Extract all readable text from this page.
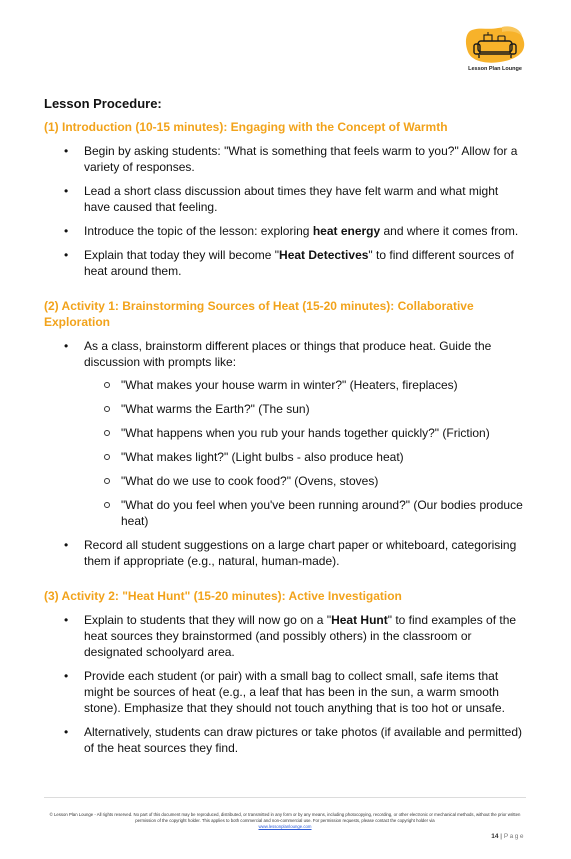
Lesson Plan Lounge
Lesson Procedure:
(1) Introduction (10-15 minutes): Engaging with the Concept of Warmth
• Begin by asking students: "What is something that feels warm to you?" Allow for a variety of responses.
• Lead a short class discussion about times they have felt warm and what might have caused that feeling.
• Introduce the topic of the lesson: exploring heat energy and where it comes from.
• Explain that today they will become "Heat Detectives" to find different sources of heat around them.
(2) Activity 1: Brainstorming Sources of Heat (15-20 minutes): Collaborative Exploration
• As a class, brainstorm different places or things that produce heat. Guide the discussion with prompts like:
"What makes your house warm in winter?" (Heaters, fireplaces)
"What warms the Earth?" (The sun)
"What happens when you rub your hands together quickly?" (Friction)
"What makes light?" (Light bulbs - also produce heat)
"What do we use to cook food?" (Ovens, stoves)
"What do you feel when you've been running around?" (Our bodies produce heat)
• Record all student suggestions on a large chart paper or whiteboard, categorising them if appropriate (e.g., natural, human-made).
(3) Activity 2: "Heat Hunt" (15-20 minutes): Active Investigation
• Explain to students that they will now go on a "Heat Hunt" to find examples of the heat sources they brainstormed (and possibly others) in the classroom or designated schoolyard area.
• Provide each student (or pair) with a small bag to collect small, safe items that might be sources of heat (e.g., a leaf that has been in the sun, a warm smooth stone). Emphasize that they should not touch anything that is too hot or unsafe.
• Alternatively, students can draw pictures or take photos (if available and permitted) of the heat sources they find.
© Lesson Plan Lounge - All rights reserved. No part of this document may be reproduced, distributed, or transmitted in any form or by any means, including photocopying, recording, or other electronic or mechanical methods, without the prior written permission of the copyright holder. This applies to both commercial and non-commercial use. For permission requests, please contact the copyright holder via
www.lessonplanlounge.com
14 | Page
